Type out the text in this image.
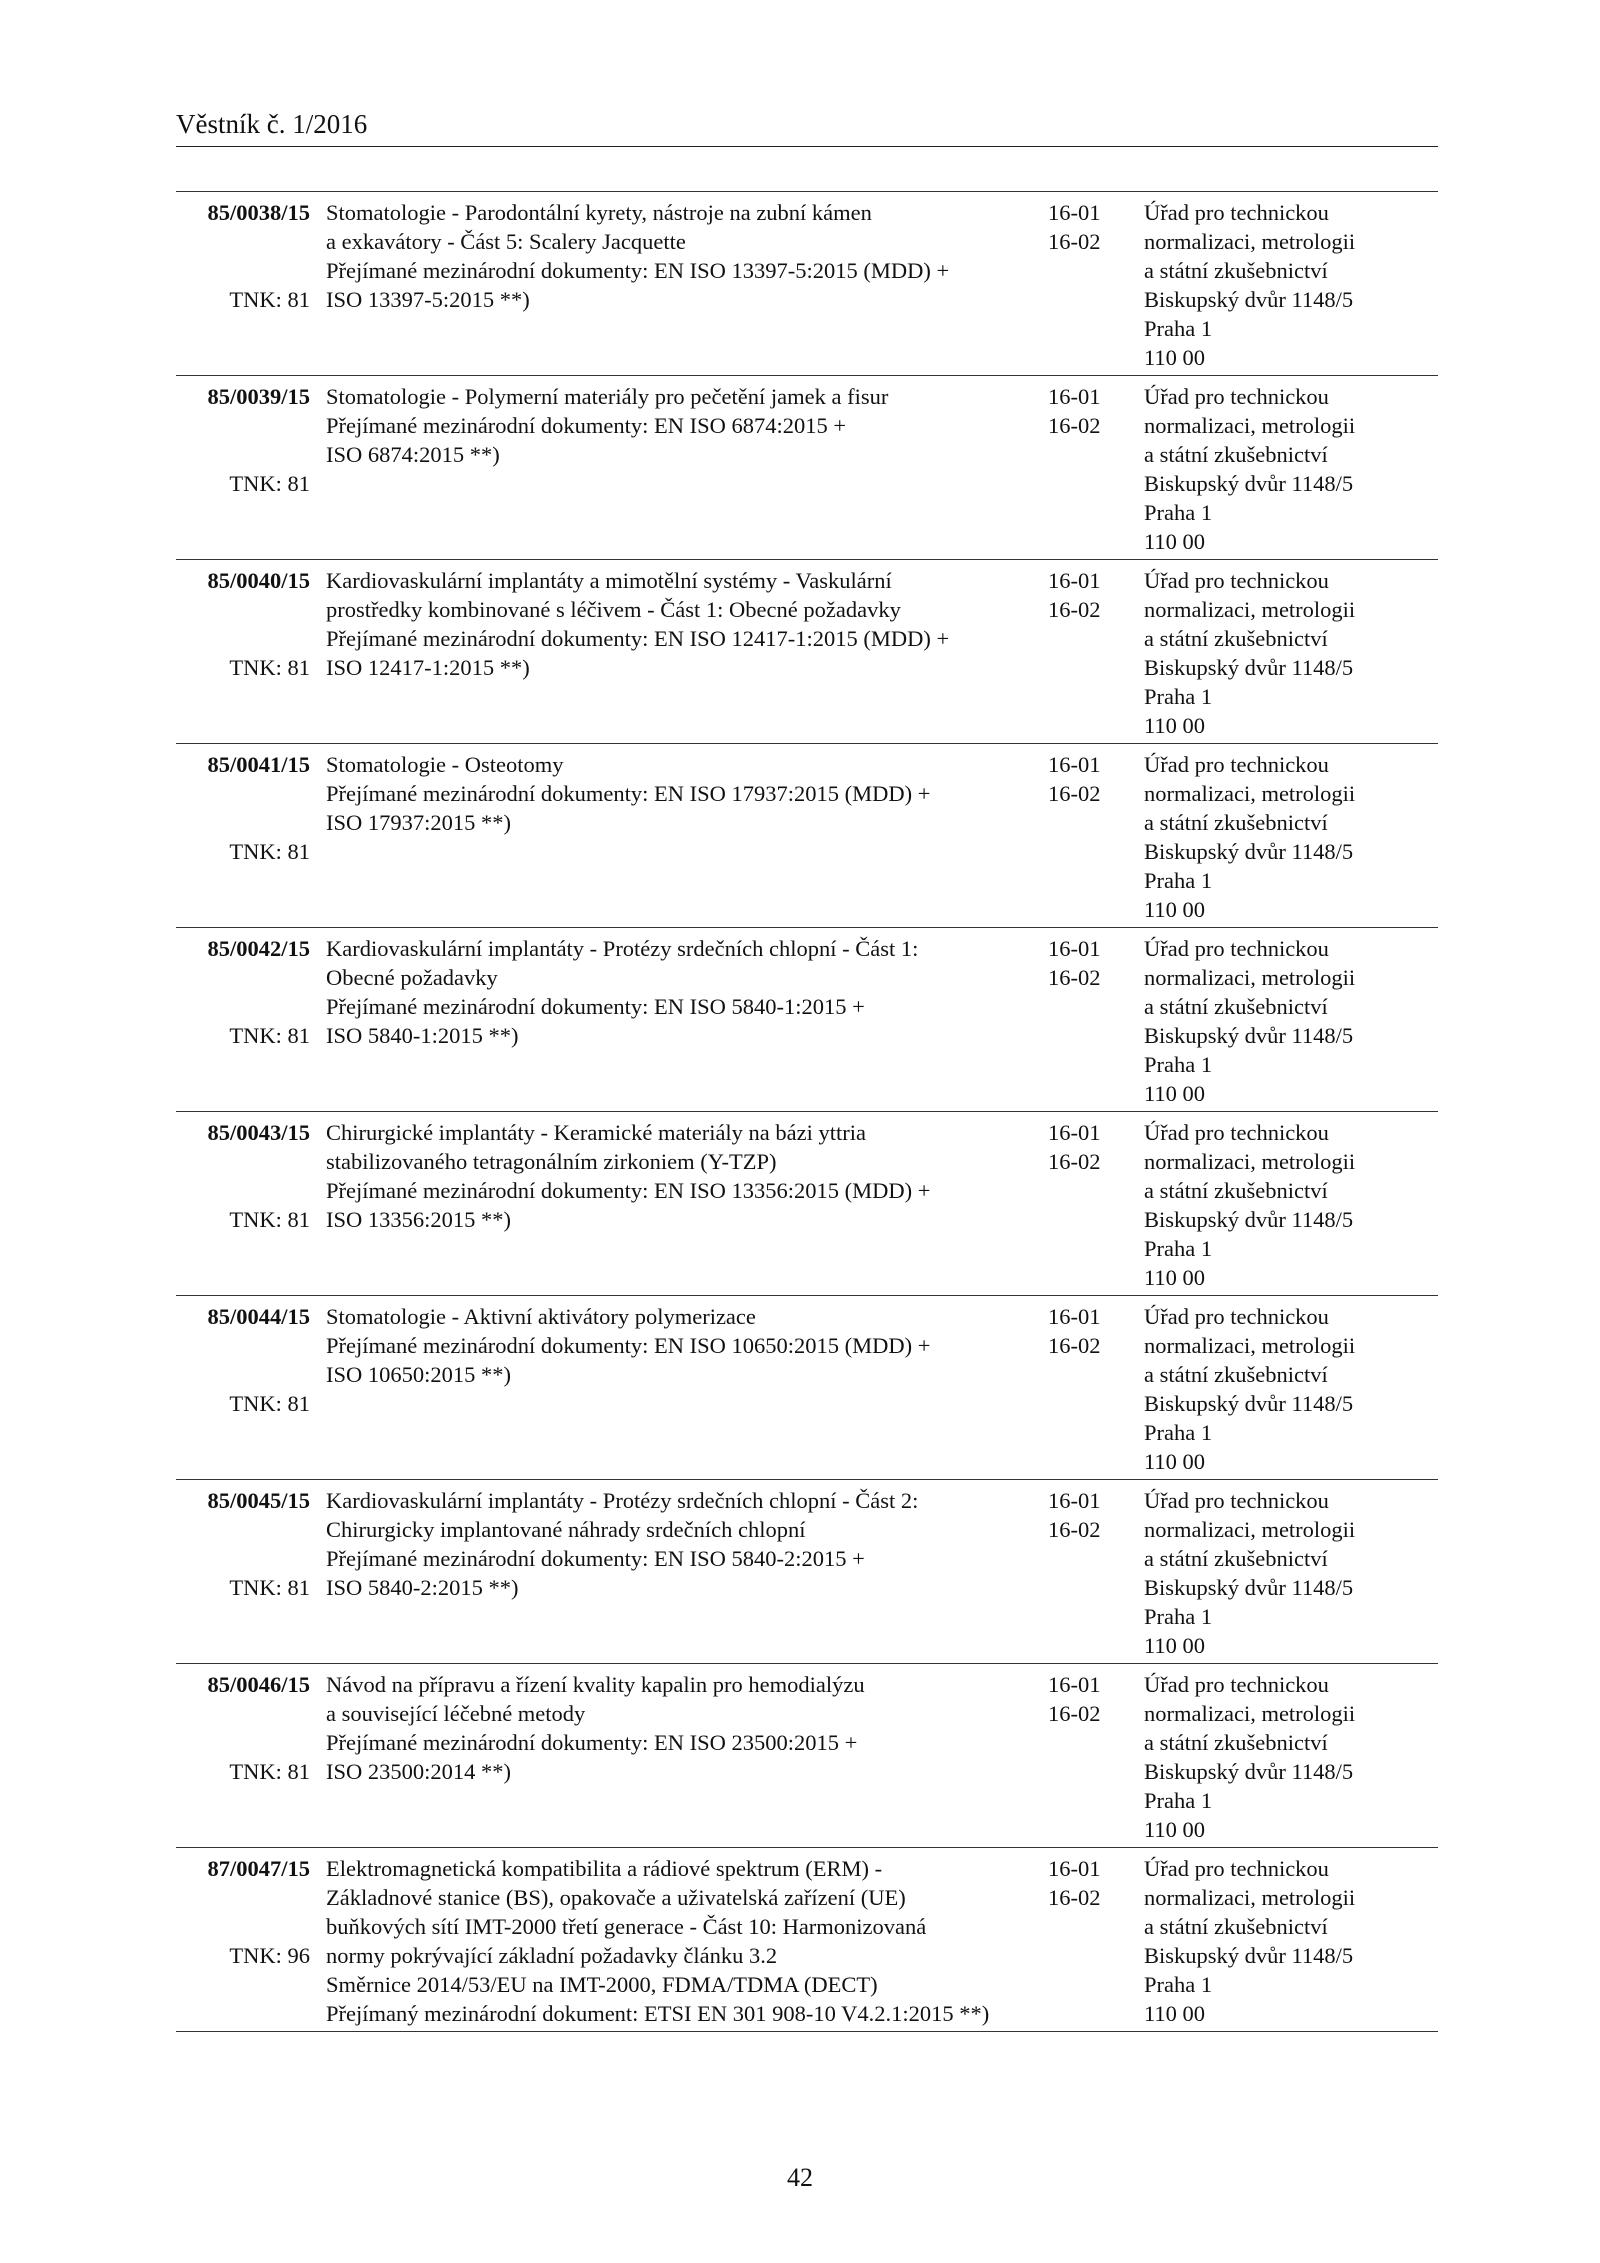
Věstník č. 1/2016
85/0038/15
TNK: 81
Stomatologie - Parodontální kyrety, nástroje na zubní kámen
a exkavátory - Část 5: Scalery Jacquette
Přejímané mezinárodní dokumenty: EN ISO 13397-5:2015 (MDD) +
ISO 13397-5:2015 **)
16-01
16-02
Úřad pro technickou
normalizaci, metrologii
a státní zkušebnictví
Biskupský dvůr 1148/5
Praha 1
110 00
85/0039/15
TNK: 81
Stomatologie - Polymerní materiály pro pečetění jamek a fisur
Přejímané mezinárodní dokumenty: EN ISO 6874:2015 +
ISO 6874:2015 **)
16-01
16-02
Úřad pro technickou
normalizaci, metrologii
a státní zkušebnictví
Biskupský dvůr 1148/5
Praha 1
110 00
85/0040/15
TNK: 81
Kardiovaskulární implantáty a mimotělní systémy - Vaskulární
prostředky kombinované s léčivem - Část 1: Obecné požadavky
Přejímané mezinárodní dokumenty: EN ISO 12417-1:2015 (MDD) +
ISO 12417-1:2015 **)
16-01
16-02
Úřad pro technickou
normalizaci, metrologii
a státní zkušebnictví
Biskupský dvůr 1148/5
Praha 1
110 00
85/0041/15
TNK: 81
Stomatologie - Osteotomy
Přejímané mezinárodní dokumenty: EN ISO 17937:2015 (MDD) +
ISO 17937:2015 **)
16-01
16-02
Úřad pro technickou
normalizaci, metrologii
a státní zkušebnictví
Biskupský dvůr 1148/5
Praha 1
110 00
85/0042/15
TNK: 81
Kardiovaskulární implantáty - Protézy srdečních chlopní - Část 1:
Obecné požadavky
Přejímané mezinárodní dokumenty: EN ISO 5840-1:2015 +
ISO 5840-1:2015 **)
16-01
16-02
Úřad pro technickou
normalizaci, metrologii
a státní zkušebnictví
Biskupský dvůr 1148/5
Praha 1
110 00
85/0043/15
TNK: 81
Chirurgické implantáty - Keramické materiály na bázi yttria
stabilizovaného tetragonálním zirkoniem (Y-TZP)
Přejímané mezinárodní dokumenty: EN ISO 13356:2015 (MDD) +
ISO 13356:2015 **)
16-01
16-02
Úřad pro technickou
normalizaci, metrologii
a státní zkušebnictví
Biskupský dvůr 1148/5
Praha 1
110 00
85/0044/15
TNK: 81
Stomatologie - Aktivní aktivátory polymerizace
Přejímané mezinárodní dokumenty: EN ISO 10650:2015 (MDD) +
ISO 10650:2015 **)
16-01
16-02
Úřad pro technickou
normalizaci, metrologii
a státní zkušebnictví
Biskupský dvůr 1148/5
Praha 1
110 00
85/0045/15
TNK: 81
Kardiovaskulární implantáty - Protézy srdečních chlopní - Část 2:
Chirurgicky implantované náhrady srdečních chlopní
Přejímané mezinárodní dokumenty: EN ISO 5840-2:2015 +
ISO 5840-2:2015 **)
16-01
16-02
Úřad pro technickou
normalizaci, metrologii
a státní zkušebnictví
Biskupský dvůr 1148/5
Praha 1
110 00
85/0046/15
TNK: 81
Návod na přípravu a řízení kvality kapalin pro hemodialýzu
a související léčebné metody
Přejímané mezinárodní dokumenty: EN ISO 23500:2015 +
ISO 23500:2014 **)
16-01
16-02
Úřad pro technickou
normalizaci, metrologii
a státní zkušebnictví
Biskupský dvůr 1148/5
Praha 1
110 00
87/0047/15
TNK: 96
Elektromagnetická kompatibilita a rádiové spektrum (ERM) -
Základnové stanice (BS), opakovače a uživatelská zařízení (UE)
buňkových sítí IMT-2000 třetí generace - Část 10: Harmonizovaná
normy pokrývající základní požadavky článku 3.2
Směrnice 2014/53/EU na IMT-2000, FDMA/TDMA (DECT)
Přejímaný mezinárodní dokument: ETSI EN 301 908-10 V4.2.1:2015 **)
16-01
16-02
Úřad pro technickou
normalizaci, metrologii
a státní zkušebnictví
Biskupský dvůr 1148/5
Praha 1
110 00
42
